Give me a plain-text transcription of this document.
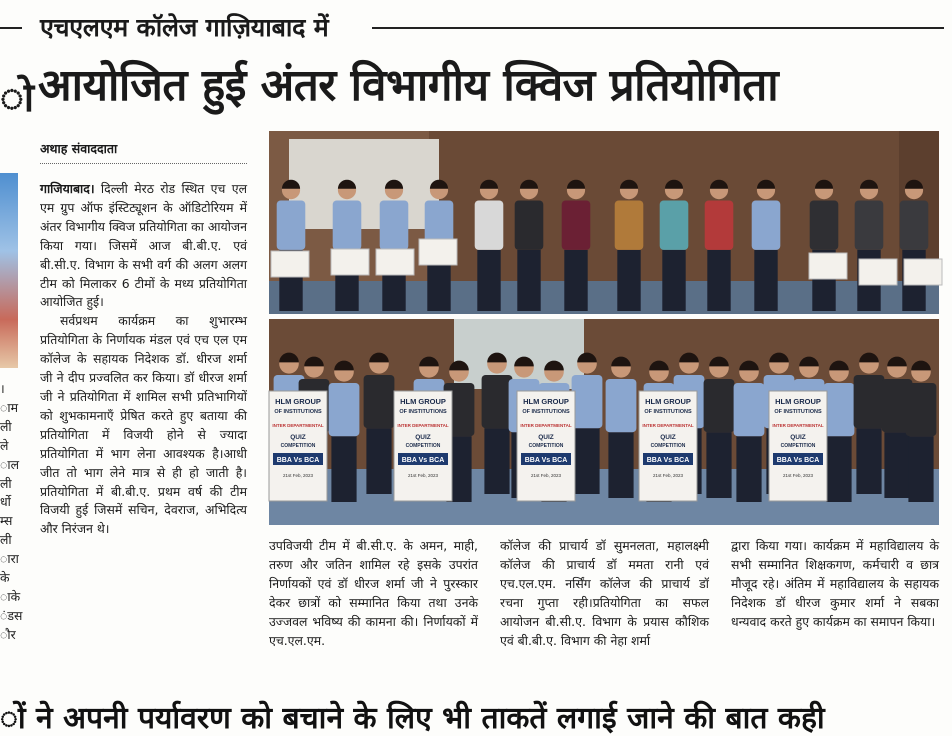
एचएलएम कॉलेज गाज़ियाबाद में
ो आयोजित हुई अंतर विभागीय क्विज प्रतियोगिता
।
ाम
ली
ले
ाल
ली
र्धो
म्स
ली
ारा
के
ाके
ंडस
ौर
अथाह संवाददाता

गाजियाबाद। दिल्ली मेरठ रोड स्थित एच एल एम ग्रुप ऑफ इंस्टिट्यूशन के ऑडिटोरियम में अंतर विभागीय क्विज प्रतियोगिता का आयोजन किया गया। जिसमें आज बी.बी.ए. एवं बी.सी.ए. विभाग के सभी वर्ग की अलग अलग टीम को मिलाकर 6 टीमों के मध्य प्रतियोगिता आयोजित हुई।

सर्वप्रथम कार्यक्रम का शुभारम्भ प्रतियोगिता के निर्णायक मंडल एवं एच एल एम कॉलेज के सहायक निदेशक डॉ. धीरज शर्मा जी ने दीप प्रज्वलित कर किया। डॉ धीरज शर्मा जी ने प्रतियोगिता में शामिल सभी प्रतिभागियों को शुभकामनाएँ प्रेषित करते हुए बताया की प्रतियोगिता में विजयी होने से ज्यादा प्रतियोगिता में भाग लेना आवश्यक है।आधी जीत तो भाग लेने मात्र से ही हो जाती है। प्रतियोगिता में बी.बी.ए. प्रथम वर्ष की टीम विजयी हुई जिसमें सचिन, देवराज, अभिदित्य और निरंजन थे।

HLM GROUP
OF INSTITUTIONS
INTER DEPARTMENTAL
QUIZ
COMPETITION
BBA Vs BCA
21st Feb, 2023
HLM GROUP
OF INSTITUTIONS
INTER DEPARTMENTAL
QUIZ
COMPETITION
BBA Vs BCA
21st Feb, 2023
HLM GROUP
OF INSTITUTIONS
INTER DEPARTMENTAL
QUIZ
COMPETITION
BBA Vs BCA
21st Feb, 2023
HLM GROUP
OF INSTITUTIONS
INTER DEPARTMENTAL
QUIZ
COMPETITION
BBA Vs BCA
21st Feb, 2023
HLM GROUP
OF INSTITUTIONS
INTER DEPARTMENTAL
QUIZ
COMPETITION
BBA Vs BCA
21st Feb, 2023
उपविजयी टीम में बी.सी.ए. के अमन, माही, तरुण और जतिन शामिल रहे इसके उपरांत निर्णायकों एवं डॉ धीरज शर्मा जी ने पुरस्कार देकर छात्रों को सम्मानित किया तथा उनके उज्जवल भविष्य की कामना की। निर्णायकों में एच.एल.एम.
कॉलेज की प्राचार्य डॉ सुमनलता, महालक्ष्मी कॉलेज की प्राचार्य डॉ ममता रानी एवं एच.एल.एम. नर्सिंग कॉलेज की प्राचार्य डॉ रचना गुप्ता रही।प्रतियोगिता का सफल आयोजन बी.सी.ए. विभाग के प्रयास कौशिक एवं बी.बी.ए. विभाग की नेहा शर्मा
द्वारा किया गया। कार्यक्रम में महाविद्यालय के सभी सम्मानित शिक्षकगण, कर्मचारी व छात्र मौजूद रहे। अंतिम में महाविद्यालय के सहायक निदेशक डॉ धीरज कुमार शर्मा ने सबका धन्यवाद करते हुए कार्यक्रम का समापन किया।
ों ने अपनी पर्यावरण को बचाने के लिए भी ताकतें लगाई जाने की बात कही
